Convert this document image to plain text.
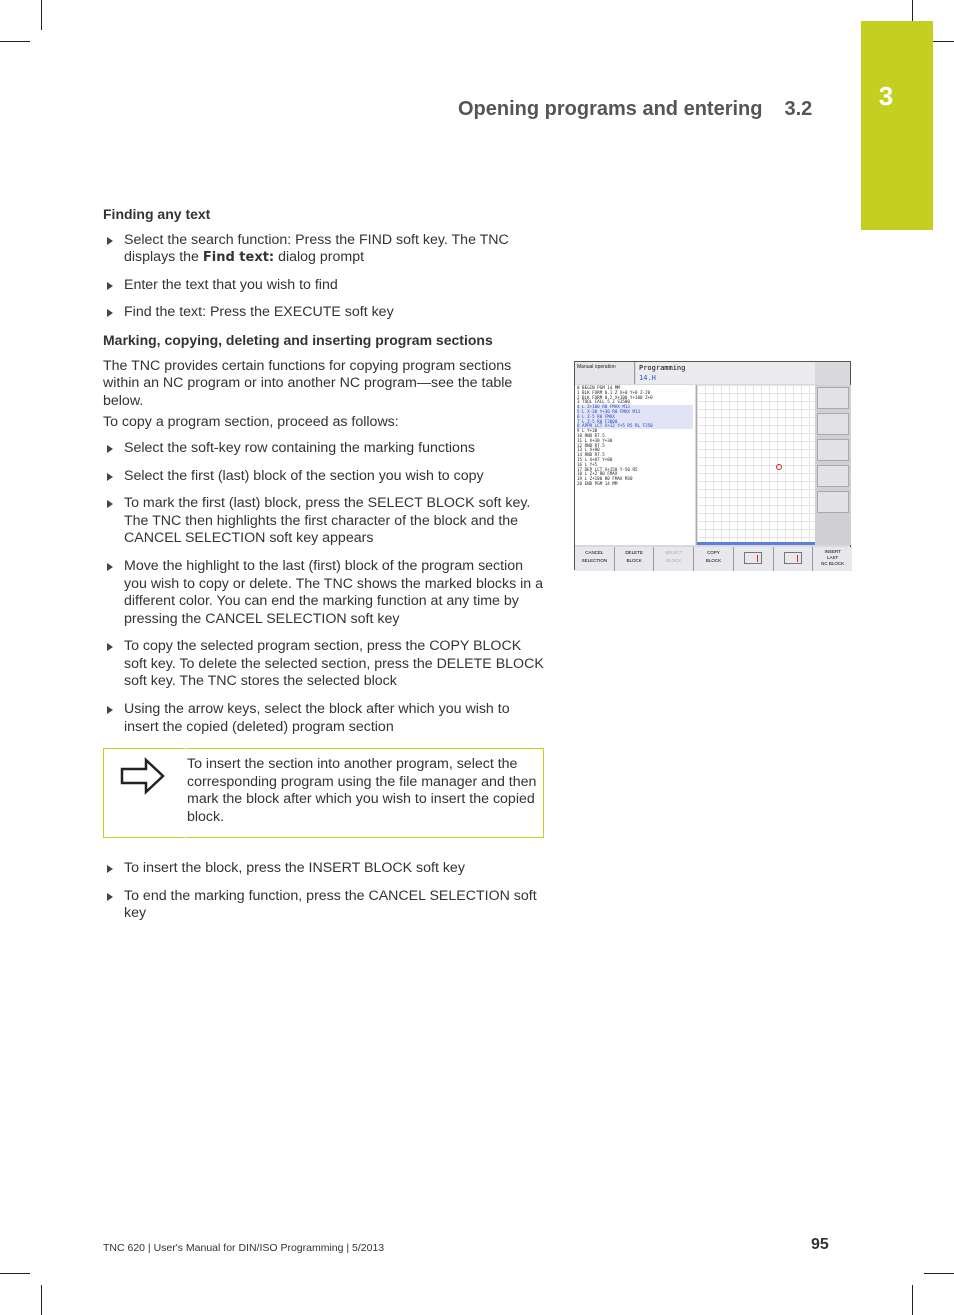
3
Opening programs and entering 3.2
Finding any text
Select the search function: Press the FIND soft key. The TNC displays the Find text: dialog prompt
Enter the text that you wish to find
Find the text: Press the EXECUTE soft key
Marking, copying, deleting and inserting program sections
The TNC provides certain functions for copying program sections within an NC program or into another NC program—see the table below.
To copy a program section, proceed as follows:
Select the soft-key row containing the marking functions
Select the first (last) block of the section you wish to copy
To mark the first (last) block, press the SELECT BLOCK soft key. The TNC then highlights the first character of the block and the CANCEL SELECTION soft key appears
Move the highlight to the last (first) block of the program section you wish to copy or delete. The TNC shows the marked blocks in a different color. You can end the marking function at any time by pressing the CANCEL SELECTION soft key
To copy the selected program section, press the COPY BLOCK soft key. To delete the selected section, press the DELETE BLOCK soft key. The TNC stores the selected block
Using the arrow keys, select the block after which you wish to insert the copied (deleted) program section
To insert the section into another program, select the corresponding program using the file manager and then mark the block after which you wish to insert the copied block.
To insert the block, press the INSERT BLOCK soft key
To end the marking function, press the CANCEL SELECTION soft key
Manual operation	Programming
14.H
0 BEGIN PGM 14 MM
1 BLK FORM 0.1 Z X+0 Y+0 Z-20
2 BLK FORM 0.2 X+100 Y+100 Z+0
3 TOOL CALL 5 Z S3500
4 L Z+100 R0 FMAX M13
5 L X-30 Y+30 R0 FMAX M13
6 L Z-5 R0 FMAX
7 L Z-5 R0 F2000
8 APPR LCT X+12 Y+5 R5 RL F250
9 L Y+30
10 RND R7.5
11 L X+30 Y+30
12 RND R7.5
13 L X+80
14 RND R7.5
15 L X+87 Y+80
16 L Y+5
17 DEP LCT X+150 Y-50 R5
18 L Z+2 R0 FMAX
19 L Z+100 R0 FMAX M30
20 END PGM 14 MM
CANCEL
SELECTION
DELETE
BLOCK
SELECT
BLOCK
COPY
BLOCK
INSERT
LAST
NC BLOCK
TNC 620 | User's Manual for DIN/ISO Programming | 5/2013	95
